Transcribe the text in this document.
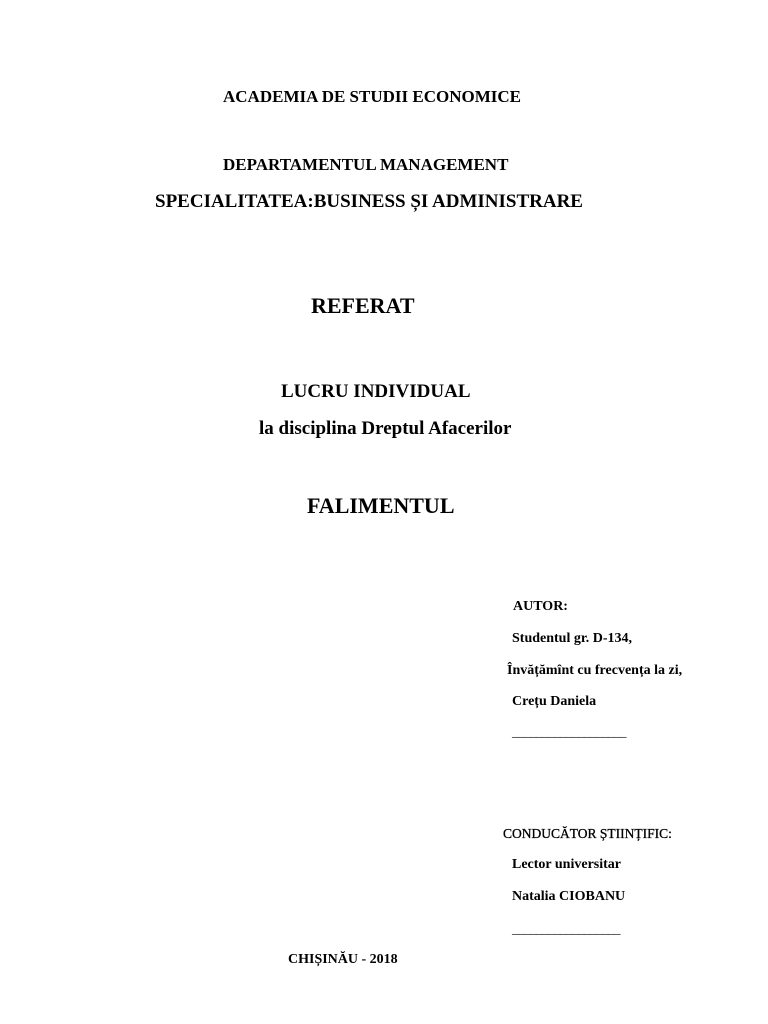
ACADEMIA DE STUDII ECONOMICE
DEPARTAMENTUL MANAGEMENT
SPECIALITATEA:BUSINESS ȘI ADMINISTRARE
REFERAT
LUCRU INDIVIDUAL
la disciplina Dreptul Afacerilor
FALIMENTUL
AUTOR:
Studentul gr. D-134,
Învățămînt cu frecvența la zi,
Crețu Daniela
___________________
CONDUCĂTOR ȘTIINȚIFIC:
Lector universitar
Natalia CIOBANU
__________________
CHIȘINĂU - 2018
